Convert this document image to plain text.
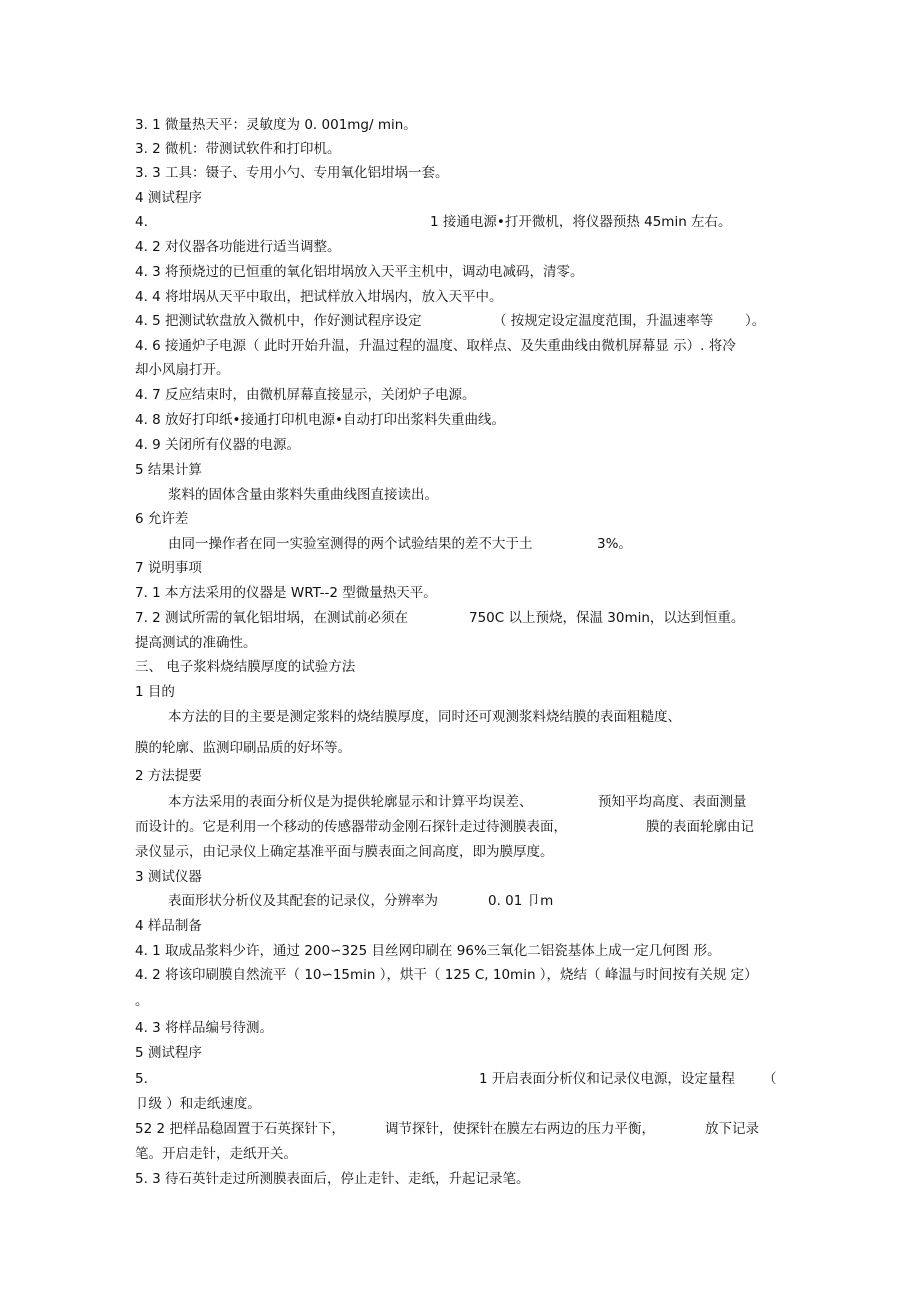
3. 1 微量热天平：灵敏度为 0. 001mg/ min。
3. 2 微机：带测试软件和打印机。
3. 3 工具：镊子、专用小勺、专用氧化铝坩埚一套。
4 测试程序
4.	1 接通电源•打开微机，将仪器预热 45min 左右。
4. 2 对仪器各功能进行适当调整。
4. 3 将预烧过的已恒重的氧化铝坩埚放入天平主机中，调动电减码，清零。
4. 4 将坩埚从天平中取出，把试样放入坩埚内，放入天平中。
4. 5 把测试软盘放入微机中，作好测试程序设定	（ 按规定设定温度范围，升温速率等 ）。
4. 6 接通炉子电源（ 此时开始升温，升温过程的温度、取样点、及失重曲线由微机屏幕显 示）. 将冷
却小风扇打开。
4. 7 反应结束时，由微机屏幕直接显示，关闭炉子电源。
4. 8 放好打印纸•接通打印机电源•自动打印出浆料失重曲线。
4. 9 关闭所有仪器的电源。
5 结果计算
浆料的固体含量由浆料失重曲线图直接读出。
6 允许差
由同一操作者在同一实验室测得的两个试验结果的差不大于土	3%。
7 说明事项
7. 1 本方法采用的仪器是 WRT--2 型微量热天平。
7. 2 测试所需的氧化铝坩埚，在测试前必须在	750C 以上预烧，保温 30min，以达到恒重。
提高测试的准确性。
三、 电子浆料烧结膜厚度的试验方法
1 目的
本方法的目的主要是测定浆料的烧结膜厚度，同时还可观测浆料烧结膜的表面粗糙度、
膜的轮廓、监测印刷品质的好坏等。
2 方法提要
本方法采用的表面分析仪是为提供轮廓显示和计算平均误差、	预知平均高度、表面测量
而设计的。它是利用一个移动的传感器带动金刚石探针走过待测膜表面，	膜的表面轮廓由记
录仪显示，由记录仪上确定基准平面与膜表面之间高度，即为膜厚度。
3 测试仪器
表面形状分析仪及其配套的记录仪，分辨率为	0. 01 卩m
4 样品制备
4. 1 取成品浆料少许，通过 200∽325 目丝网印刷在 96%三氧化二铝瓷基体上成一定几何图 形。
4. 2 将该印刷膜自然流平（ 10∽15min ），烘干（ 125 C, 10min ），烧结（ 峰温与时间按有关规 定）
。
4. 3 将样品编号待测。
5 测试程序
5.	1 开启表面分析仪和记录仪电源，设定量程 （
卩级 ）和走纸速度。
52 2 把样品稳固置于石英探针下，	调节探针，使探针在膜左右两边的压力平衡，	放下记录
笔。开启走针，走纸开关。
5. 3 待石英针走过所测膜表面后，停止走针、走纸，升起记录笔。
